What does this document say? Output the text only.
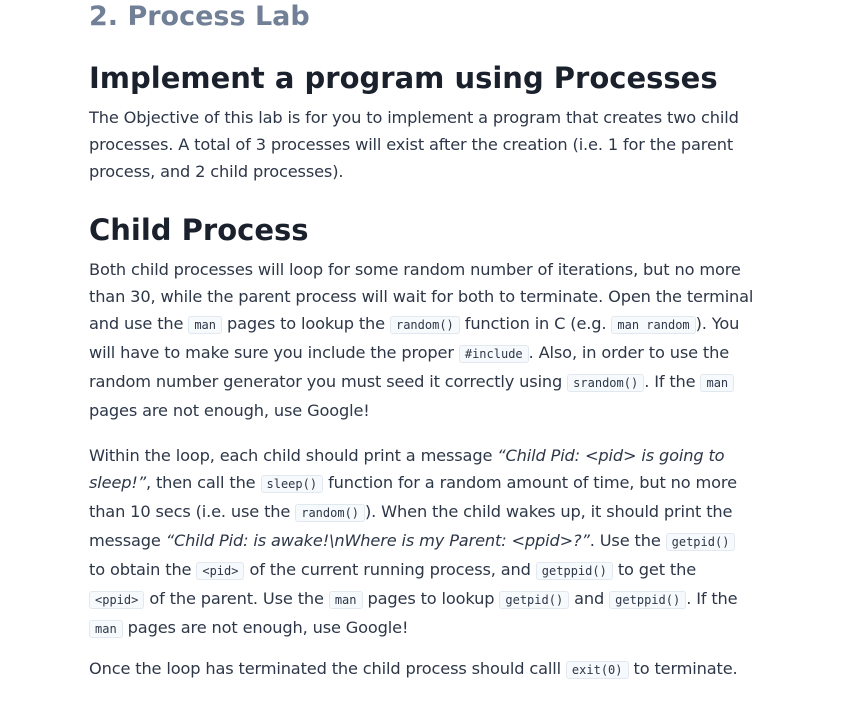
2. Process Lab
Implement a program using Processes

The Objective of this lab is for you to implement a program that creates two child processes. A total of 3 processes will exist after the creation (i.e. 1 for the parent process, and 2 child processes).

Child Process

Both child processes will loop for some random number of iterations, but no more than 30, while the parent process will wait for both to terminate. Open the terminal and use the man pages to lookup the random() function in C (e.g. man random ). You will have to make sure you include the proper #include . Also, in order to use the random number generator you must seed it correctly using srandom() . If the man pages are not enough, use Google!

Within the loop, each child should print a message “Child Pid: <pid> is going to sleep!”, then call the sleep() function for a random amount of time, but no more than 10 secs (i.e. use the random() ). When the child wakes up, it should print the message “Child Pid: is awake!\nWhere is my Parent: <ppid>?”. Use the getpid() to obtain the <pid> of the current running process, and getppid() to get the <ppid> of the parent. Use the man pages to lookup getpid() and getppid() . If the man pages are not enough, use Google!

Once the loop has terminated the child process should calll exit(0) to terminate.
